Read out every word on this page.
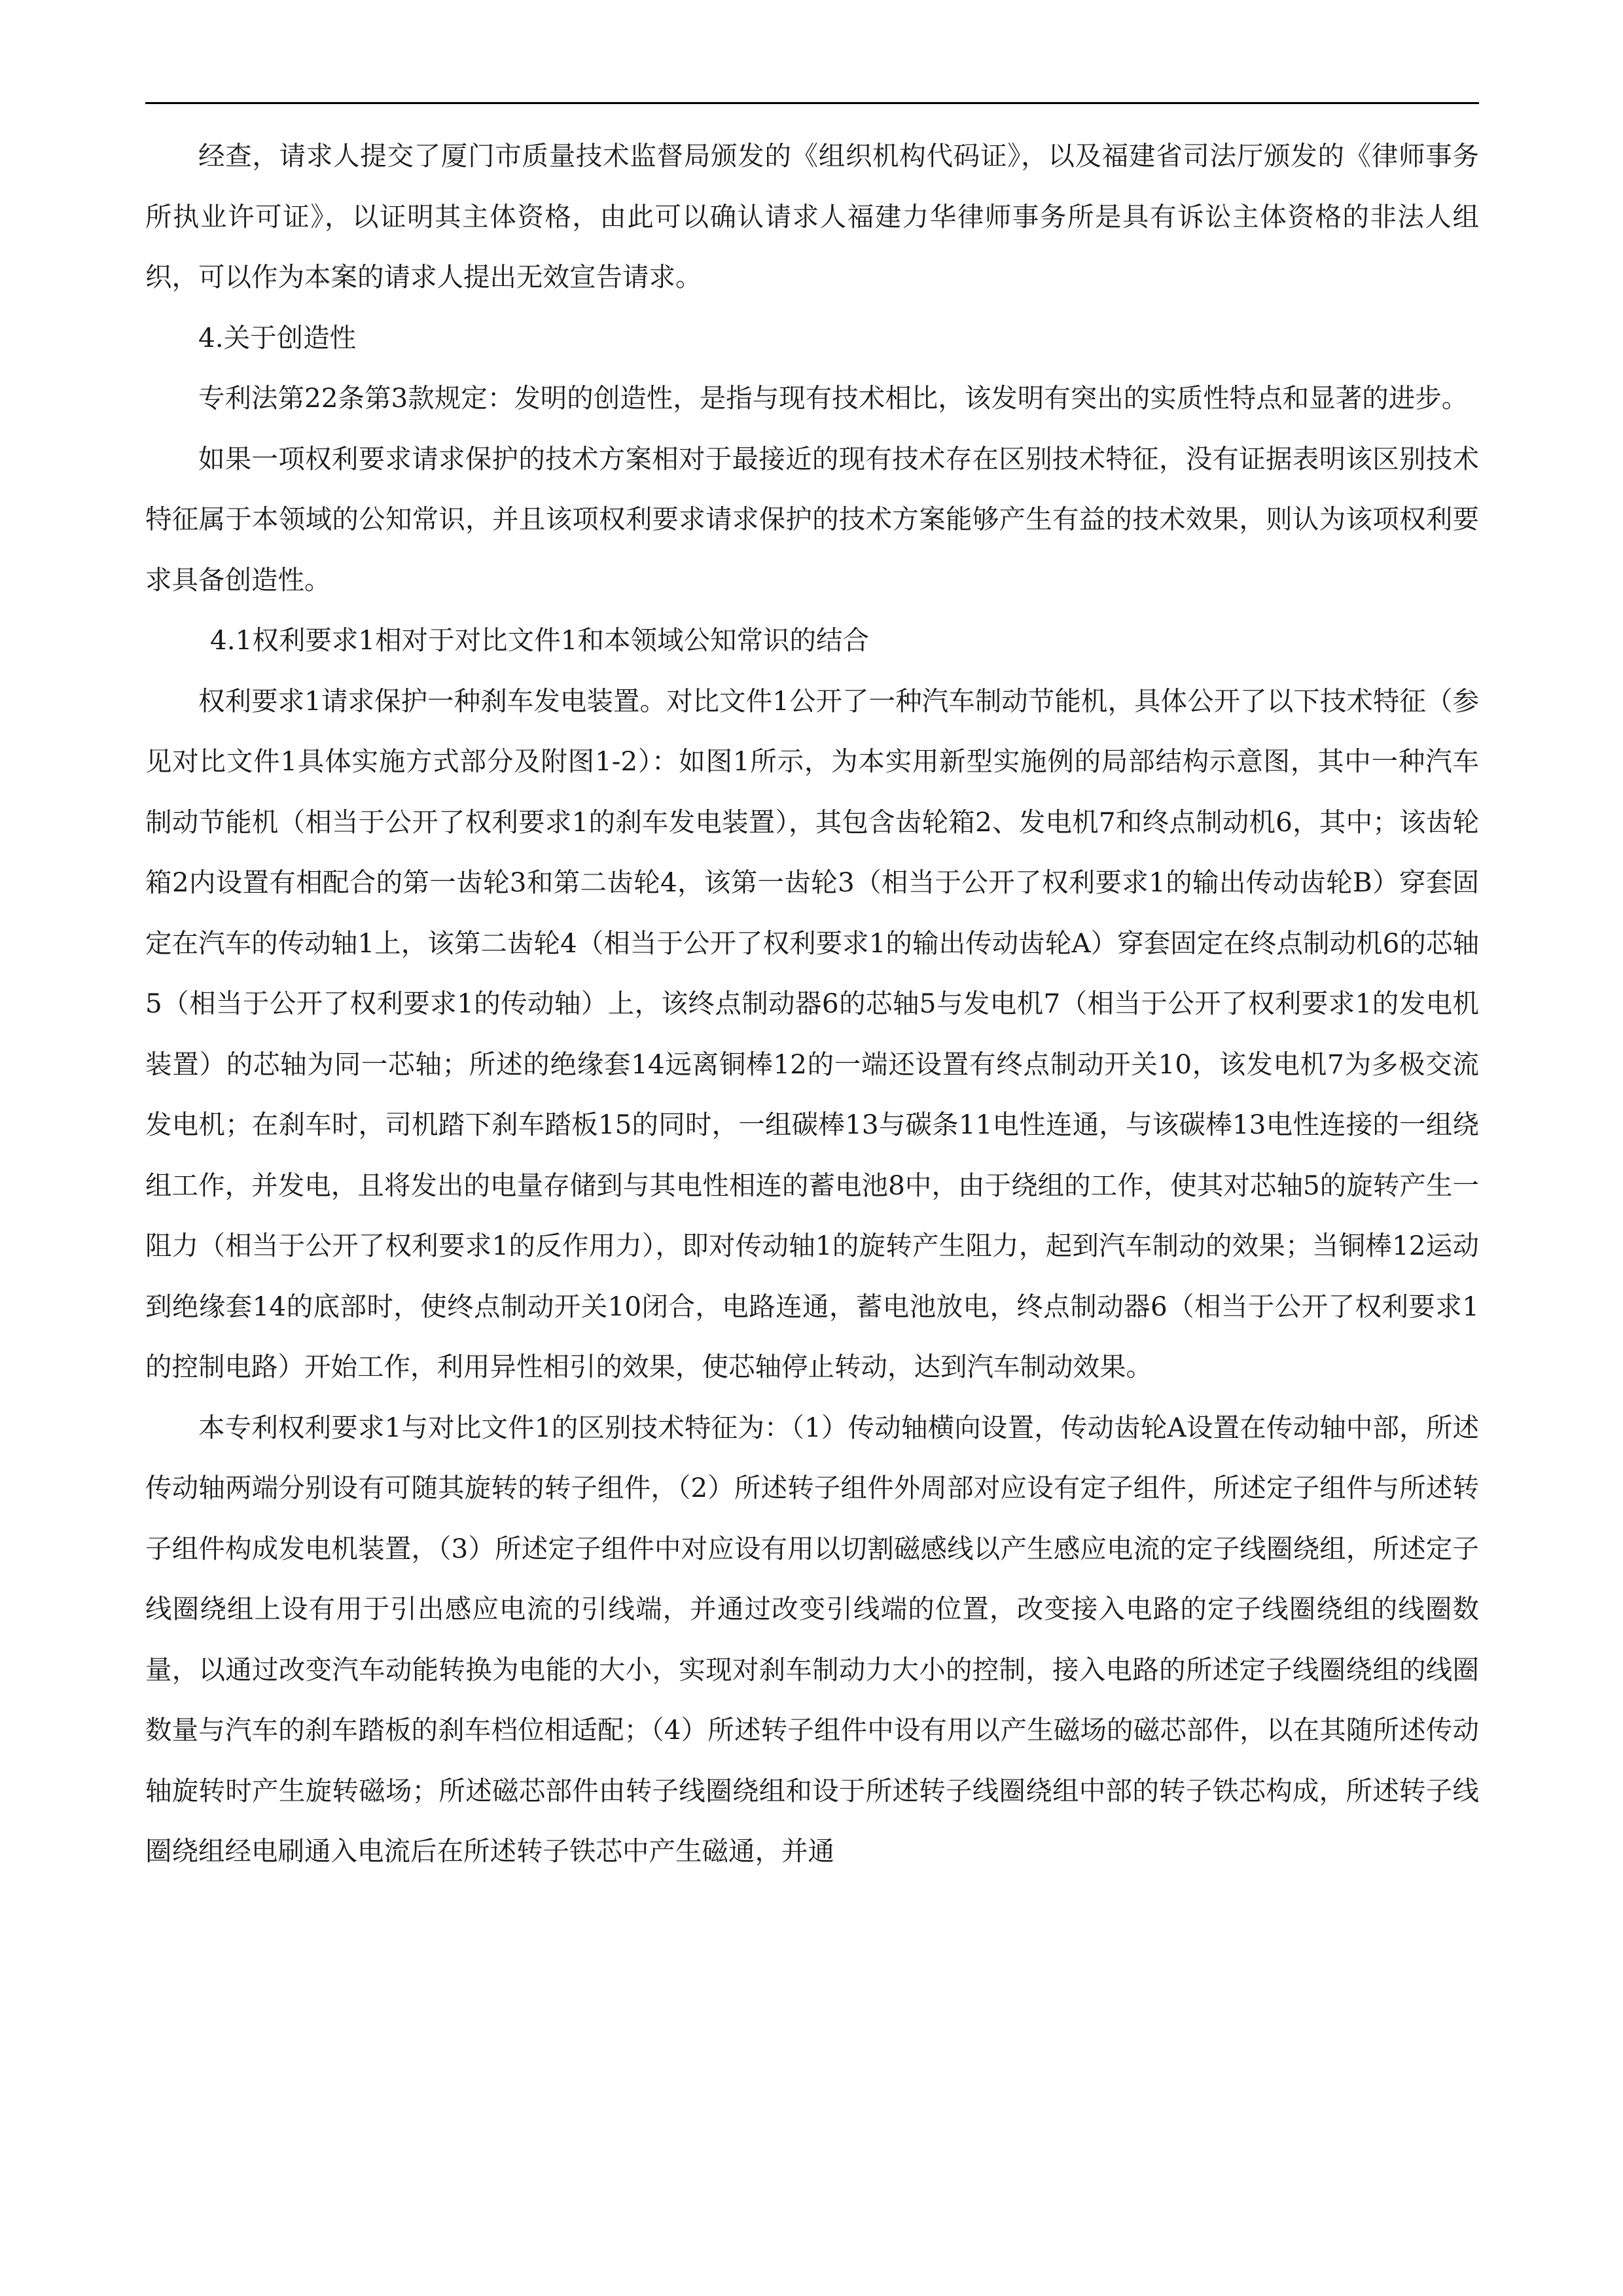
经查，请求人提交了厦门市质量技术监督局颁发的《组织机构代码证》，以及福建省司法厅颁发的《律师事务所执业许可证》，以证明其主体资格，由此可以确认请求人福建力华律师事务所是具有诉讼主体资格的非法人组织，可以作为本案的请求人提出无效宣告请求。

4.关于创造性

专利法第22条第3款规定：发明的创造性，是指与现有技术相比，该发明有突出的实质性特点和显著的进步。

如果一项权利要求请求保护的技术方案相对于最接近的现有技术存在区别技术特征，没有证据表明该区别技术特征属于本领域的公知常识，并且该项权利要求请求保护的技术方案能够产生有益的技术效果，则认为该项权利要求具备创造性。

4.1权利要求1相对于对比文件1和本领域公知常识的结合

权利要求1请求保护一种刹车发电装置。对比文件1公开了一种汽车制动节能机，具体公开了以下技术特征（参见对比文件1具体实施方式部分及附图1-2）：如图1所示，为本实用新型实施例的局部结构示意图，其中一种汽车制动节能机（相当于公开了权利要求1的刹车发电装置），其包含齿轮箱2、发电机7和终点制动机6，其中；该齿轮箱2内设置有相配合的第一齿轮3和第二齿轮4，该第一齿轮3（相当于公开了权利要求1的输出传动齿轮B）穿套固定在汽车的传动轴1上，该第二齿轮4（相当于公开了权利要求1的输出传动齿轮A）穿套固定在终点制动机6的芯轴5（相当于公开了权利要求1的传动轴）上，该终点制动器6的芯轴5与发电机7（相当于公开了权利要求1的发电机装置）的芯轴为同一芯轴；所述的绝缘套14远离铜棒12的一端还设置有终点制动开关10，该发电机7为多极交流发电机；在刹车时，司机踏下刹车踏板15的同时，一组碳棒13与碳条11电性连通，与该碳棒13电性连接的一组绕组工作，并发电，且将发出的电量存储到与其电性相连的蓄电池8中，由于绕组的工作，使其对芯轴5的旋转产生一阻力（相当于公开了权利要求1的反作用力），即对传动轴1的旋转产生阻力，起到汽车制动的效果；当铜棒12运动到绝缘套14的底部时，使终点制动开关10闭合，电路连通，蓄电池放电，终点制动器6（相当于公开了权利要求1的控制电路）开始工作，利用异性相引的效果，使芯轴停止转动，达到汽车制动效果。

本专利权利要求1与对比文件1的区别技术特征为：（1）传动轴横向设置，传动齿轮A设置在传动轴中部，所述传动轴两端分别设有可随其旋转的转子组件，（2）所述转子组件外周部对应设有定子组件，所述定子组件与所述转子组件构成发电机装置，（3）所述定子组件中对应设有用以切割磁感线以产生感应电流的定子线圈绕组，所述定子线圈绕组上设有用于引出感应电流的引线端，并通过改变引线端的位置，改变接入电路的定子线圈绕组的线圈数量，以通过改变汽车动能转换为电能的大小，实现对刹车制动力大小的控制，接入电路的所述定子线圈绕组的线圈数量与汽车的刹车踏板的刹车档位相适配；（4）所述转子组件中设有用以产生磁场的磁芯部件，以在其随所述传动轴旋转时产生旋转磁场；所述磁芯部件由转子线圈绕组和设于所述转子线圈绕组中部的转子铁芯构成，所述转子线圈绕组经电刷通入电流后在所述转子铁芯中产生磁通，并通
